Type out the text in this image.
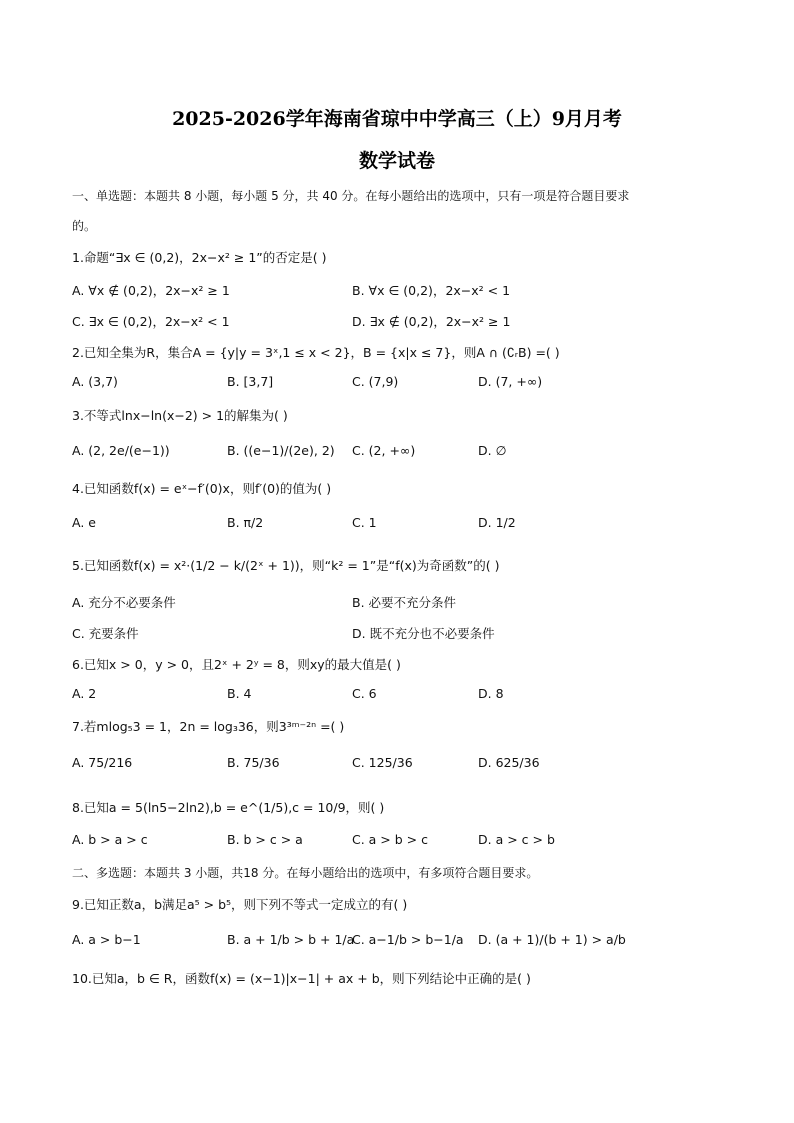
2025-2026学年海南省琼中中学高三（上）9月月考
数学试卷
一、单选题：本题共 8 小题，每小题 5 分，共 40 分。在每小题给出的选项中，只有一项是符合题目要求
的。
1.命题“∃x ∈ (0,2)，2x−x² ≥ 1”的否定是( )
A. ∀x ∉ (0,2)，2x−x² ≥ 1	B. ∀x ∈ (0,2)，2x−x² < 1
C. ∃x ∈ (0,2)，2x−x² < 1	D. ∃x ∉ (0,2)，2x−x² ≥ 1
2.已知全集为R，集合A = {y|y = 3ˣ,1 ≤ x < 2}，B = {x|x ≤ 7}，则A ∩ (∁ᵣB) =( )
A. (3,7)	B. [3,7]	C. (7,9)	D. (7, +∞)
3.不等式lnx−ln(x−2) > 1的解集为( )
A. (2, 2e/(e−1))	B. ((e−1)/(2e), 2) C. (2, +∞)	D. ∅
4.已知函数f(x) = eˣ−f′(0)x，则f′(0)的值为( )
A. e	B. π/2	C. 1	D. 1/2
5.已知函数f(x) = x²·(1/2 − k/(2ˣ + 1))，则“k² = 1”是“f(x)为奇函数”的( )
A. 充分不必要条件	B. 必要不充分条件
C. 充要条件	D. 既不充分也不必要条件
6.已知x > 0，y > 0，且2ˣ + 2ʸ = 8，则xy的最大值是( )
A. 2	B. 4	C. 6	D. 8
7.若mlog₅3 = 1，2n = log₃36，则3³ᵐ⁻²ⁿ =( )
A. 75/216	B. 75/36	C. 125/36	D. 625/36
8.已知a = 5(ln5−2ln2),b = e^(1/5),c = 10/9，则( )
A. b > a > c	B. b > c > a	C. a > b > c	D. a > c > b
二、多选题：本题共 3 小题，共18 分。在每小题给出的选项中，有多项符合题目要求。
9.已知正数a，b满足a⁵ > b⁵，则下列不等式一定成立的有( )
A. a > b−1	B. a + 1/b > b + 1/a
C. a−1/b > b−1/a D. (a + 1)/(b + 1) > a/b
10.已知a，b ∈ R，函数f(x) = (x−1)|x−1| + ax + b，则下列结论中正确的是( )
